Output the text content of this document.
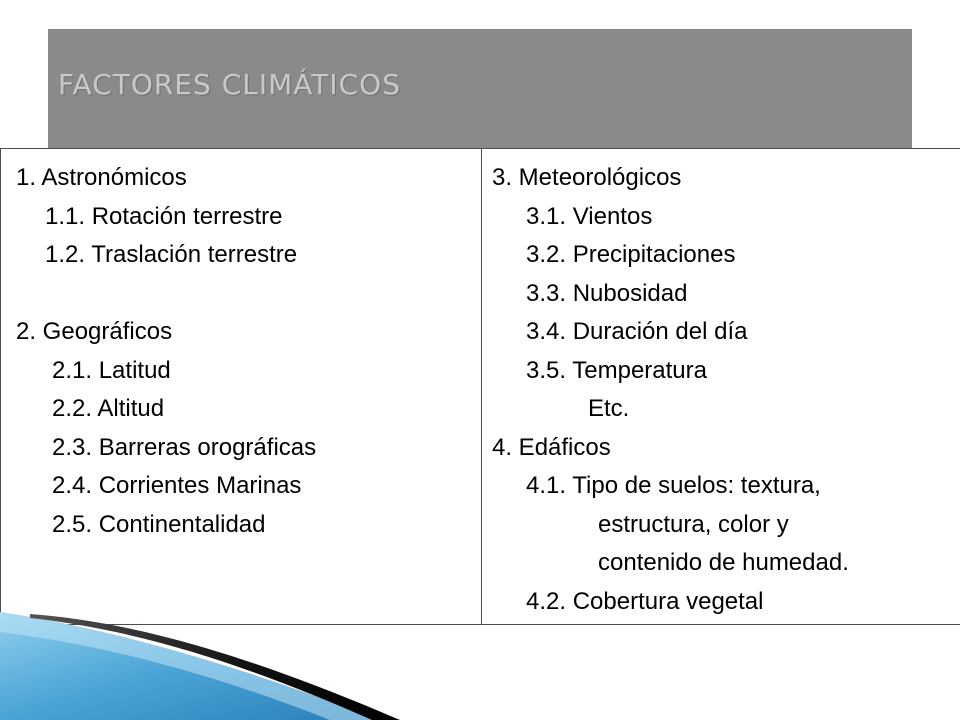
FACTORES CLIMÁTICOS
1. Astronómicos
1.1. Rotación terrestre
1.2. Traslación terrestre
2. Geográficos
2.1. Latitud
2.2. Altitud
2.3. Barreras orográficas
2.4. Corrientes Marinas
2.5. Continentalidad

3. Meteorológicos
3.1. Vientos
3.2. Precipitaciones
3.3. Nubosidad
3.4. Duración del día
3.5. Temperatura
Etc.
4. Edáficos
4.1. Tipo de suelos: textura,
estructura, color y
contenido de humedad.
4.2. Cobertura vegetal
